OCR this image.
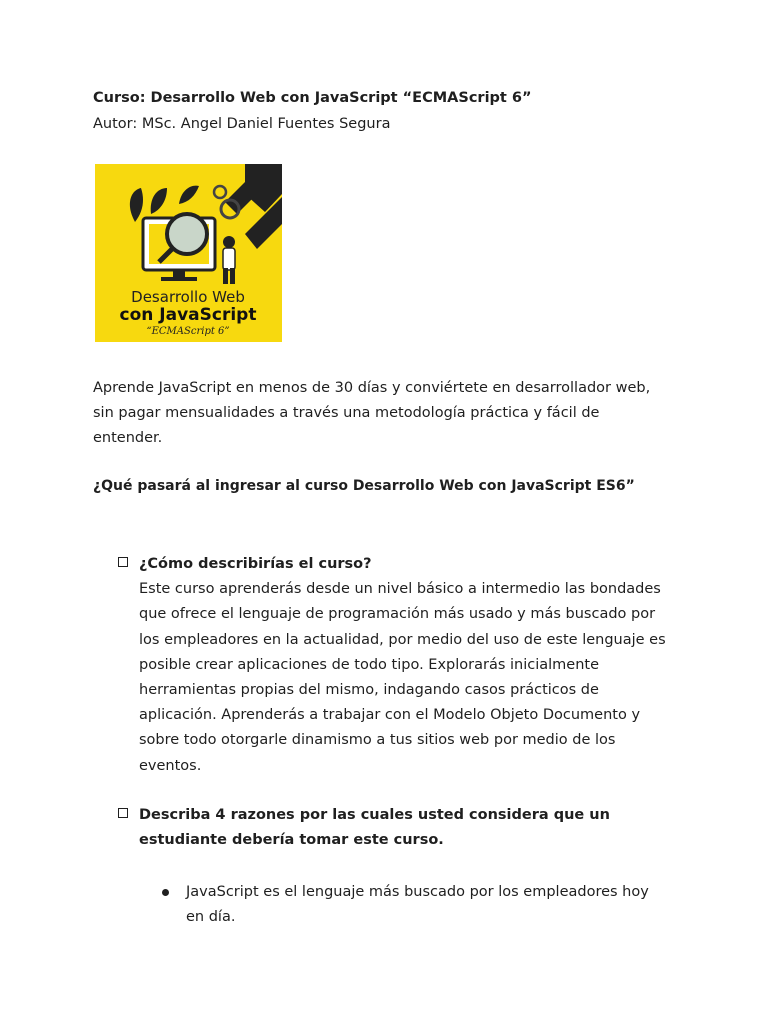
Curso: Desarrollo Web con JavaScript “ECMAScript 6”
Autor: MSc. Angel Daniel Fuentes Segura
Desarrollo Web
con JavaScript
“ECMAScript 6”
Aprende JavaScript en menos de 30 días y conviértete en desarrollador web, sin pagar mensualidades a través una metodología práctica y fácil de entender.
¿Qué pasará al ingresar al curso Desarrollo Web con JavaScript ES6”
¿Cómo describirías el curso?
Este curso aprenderás desde un nivel básico a intermedio las bondades que ofrece el lenguaje de programación más usado y más buscado por los empleadores en la actualidad, por medio del uso de este lenguaje es posible crear aplicaciones de todo tipo. Explorarás inicialmente herramientas propias del mismo, indagando casos prácticos de aplicación. Aprenderás a trabajar con el Modelo Objeto Documento y sobre todo otorgarle dinamismo a tus sitios web por medio de los eventos.
Describa 4 razones por las cuales usted considera que un estudiante debería tomar este curso.
JavaScript es el lenguaje más buscado por los empleadores hoy en día.
